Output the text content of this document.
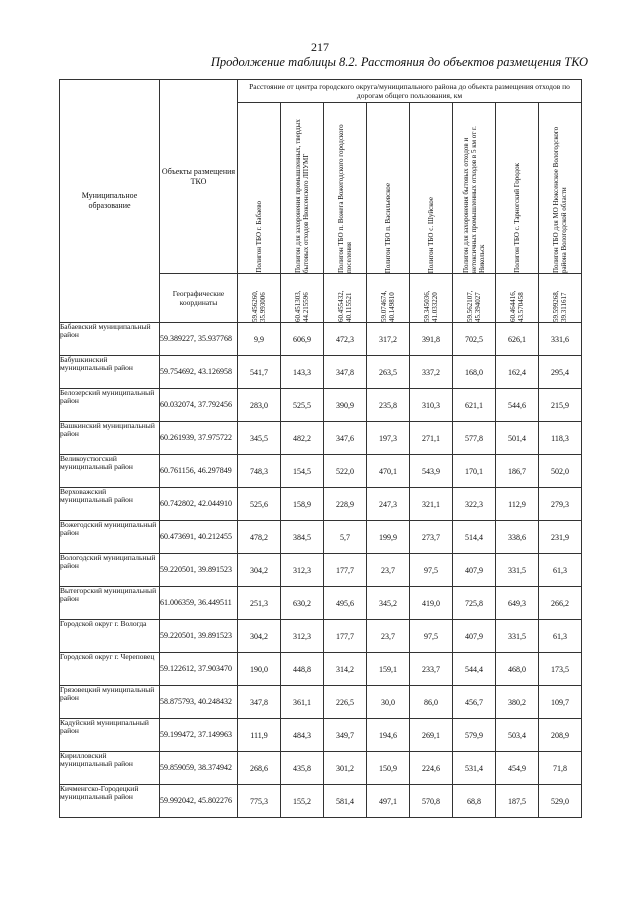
217
Продолжение таблицы 8.2. Расстояния до объектов размещения ТКО
Муниципальное образование	Объекты размещения ТКО	Расстояние от центра городского округа/муниципального района до объекта размещения отходов по дорогам общего пользования, км							

		Полигон ТБО г. Бабаево	Полигон для захоронения промышленных, твердых бытовых отходов Нюксенского ЛПУМГ	Полигон ТБО п. Вожега Вожегодского городского поселения	Полигон ТБО п. Васильевское	Полигон ТБО с. Шуйское	Полигон для захоронения бытовых отходов и нетоксичных промышленных отходов в 5 км от г. Никольск	Полигон ТБО с. Тарногский Городок	Полигон ТБО для МО Нюксенское Вологодского района Вологодской области

	Географические координаты	59.456260, 35.993006	60.451303, 44.215596	60.455432, 40.115521	59.074674, 40.149810	59.345036, 41.033220	59.562107, 45.394027	60.464416, 43.570458	59.599268, 39.311617

Бабаевский муниципальный район	59.389227, 35.937768	9,9	606,9	472,3	317,2	391,8	702,5	626,1	331,6
Бабушкинский муниципальный район	59.754692, 43.126958	541,7	143,3	347,8	263,5	337,2	168,0	162,4	295,4
Белозерский муниципальный район	60.032074, 37.792456	283,0	525,5	390,9	235,8	310,3	621,1	544,6	215,9
Вашкинский муниципальный район	60.261939, 37.975722	345,5	482,2	347,6	197,3	271,1	577,8	501,4	118,3
Великоустюгский муниципальный район	60.761156, 46.297849	748,3	154,5	522,0	470,1	543,9	170,1	186,7	502,0
Верховажский муниципальный район	60.742802, 42.044910	525,6	158,9	228,9	247,3	321,1	322,3	112,9	279,3
Вожегодский муниципальный район	60.473691, 40.212455	478,2	384,5	5,7	199,9	273,7	514,4	338,6	231,9
Вологодский муниципальный район	59.220501, 39.891523	304,2	312,3	177,7	23,7	97,5	407,9	331,5	61,3
Вытегорский муниципальный район	61.006359, 36.449511	251,3	630,2	495,6	345,2	419,0	725,8	649,3	266,2
Городской округ г. Вологда	59.220501, 39.891523	304,2	312,3	177,7	23,7	97,5	407,9	331,5	61,3
Городской округ г. Череповец	59.122612, 37.903470	190,0	448,8	314,2	159,1	233,7	544,4	468,0	173,5
Грязовецкий муниципальный район	58.875793, 40.248432	347,8	361,1	226,5	30,0	86,0	456,7	380,2	109,7
Кадуйский муниципальный район	59.199472, 37.149963	111,9	484,3	349,7	194,6	269,1	579,9	503,4	208,9
Кирилловский муниципальный район	59.859059, 38.374942	268,6	435,8	301,2	150,9	224,6	531,4	454,9	71,8
Кичменгско-Городецкий муниципальный район	59.992042, 45.802276	775,3	155,2	581,4	497,1	570,8	68,8	187,5	529,0
